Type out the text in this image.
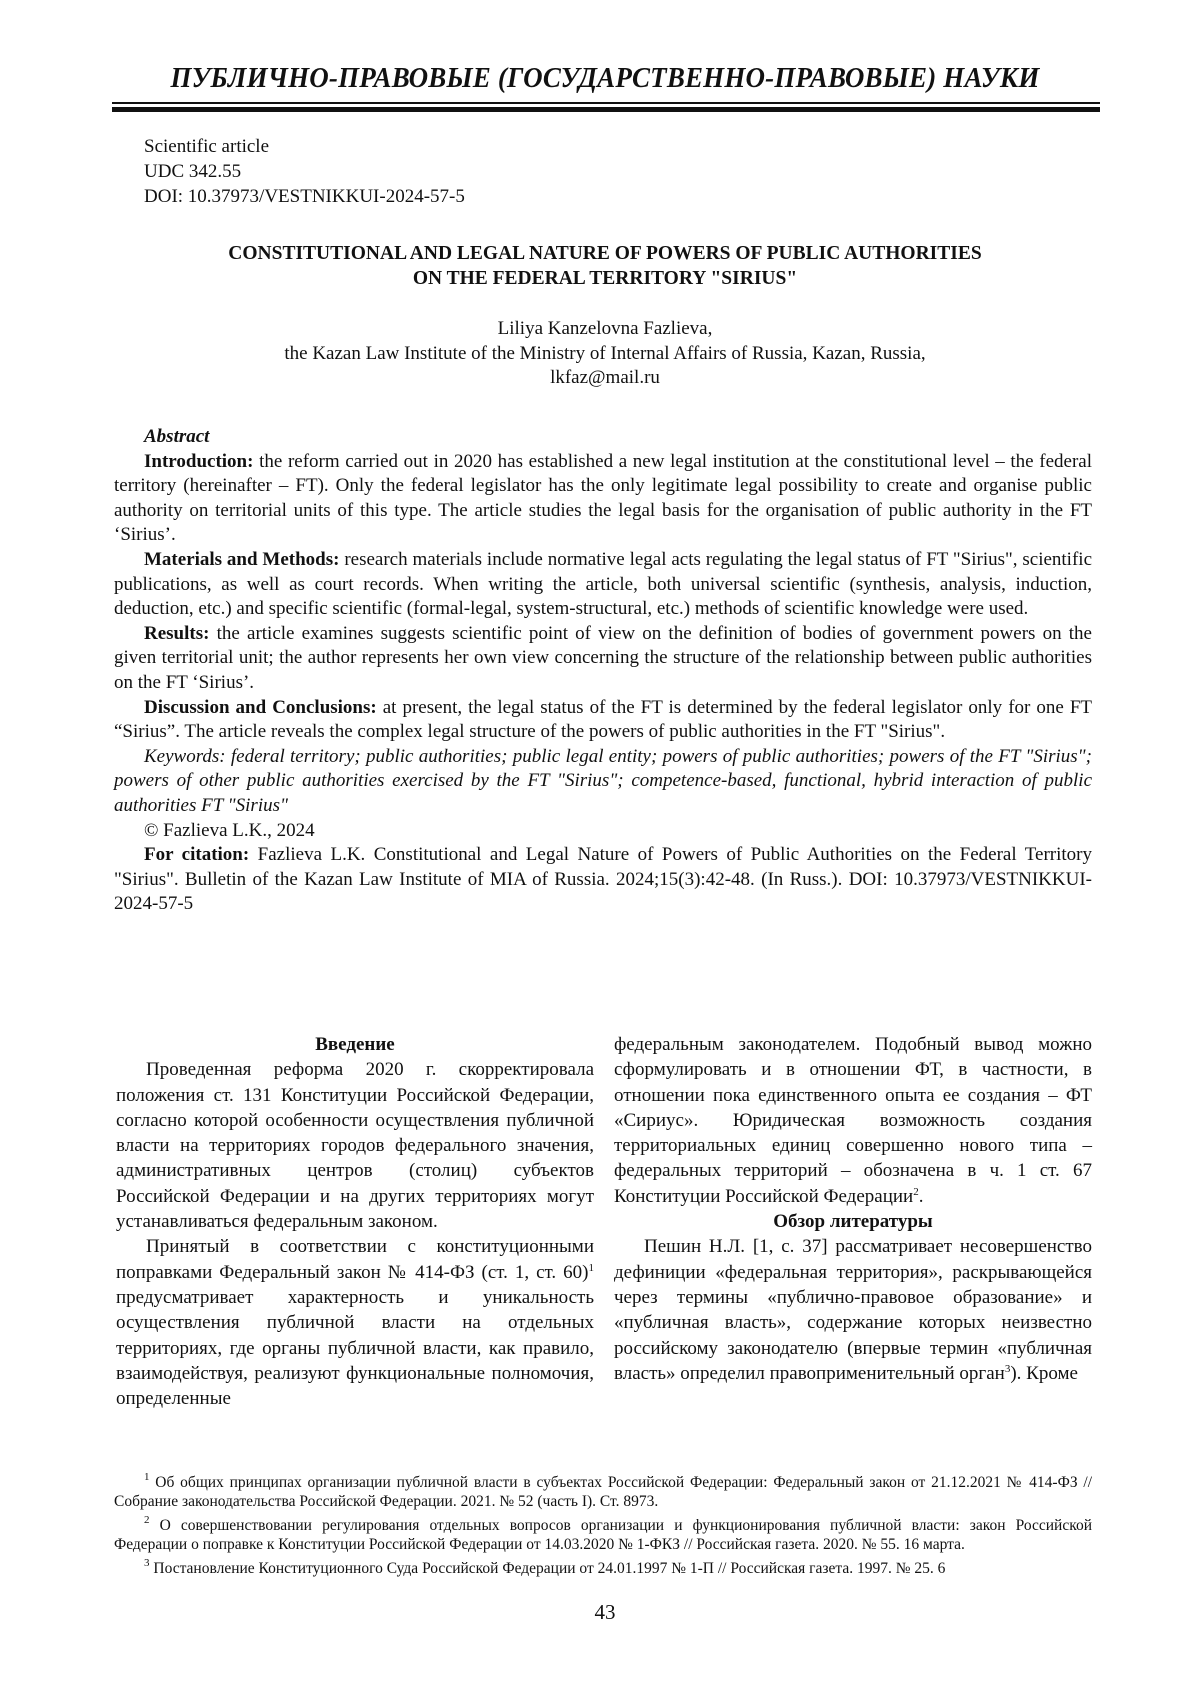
ПУБЛИЧНО-ПРАВОВЫЕ (ГОСУДАРСТВЕННО-ПРАВОВЫЕ) НАУКИ
Scientific article
UDC 342.55
DOI: 10.37973/VESTNIKKUI-2024-57-5
CONSTITUTIONAL AND LEGAL NATURE OF POWERS OF PUBLIC AUTHORITIES
ON THE FEDERAL TERRITORY "SIRIUS"
Liliya Kanzelovna Fazlieva,
the Kazan Law Institute of the Ministry of Internal Affairs of Russia, Kazan, Russia,
lkfaz@mail.ru

Abstract

Introduction: the reform carried out in 2020 has established a new legal institution at the constitutional level – the federal territory (hereinafter – FT). Only the federal legislator has the only legitimate legal possibility to create and organise public authority on territorial units of this type. The article studies the legal basis for the organisation of public authority in the FT ‘Sirius’.

Materials and Methods: research materials include normative legal acts regulating the legal status of FT "Sirius", scientific publications, as well as court records. When writing the article, both universal scientific (synthesis, analysis, induction, deduction, etc.) and specific scientific (formal-legal, system-structural, etc.) methods of scientific knowledge were used.

Results: the article examines suggests scientific point of view on the definition of bodies of government powers on the given territorial unit; the author represents her own view concerning the structure of the relationship between public authorities on the FT ‘Sirius’.

Discussion and Conclusions: at present, the legal status of the FT is determined by the federal legislator only for one FT “Sirius”. The article reveals the complex legal structure of the powers of public authorities in the FT "Sirius".

Keywords: federal territory; public authorities; public legal entity; powers of public authorities; powers of the FT "Sirius"; powers of other public authorities exercised by the FT "Sirius"; competence-based, functional, hybrid interaction of public authorities FT "Sirius"

© Fazlieva L.K., 2024

For citation: Fazlieva L.K. Constitutional and Legal Nature of Powers of Public Authorities on the Federal Territory "Sirius". Bulletin of the Kazan Law Institute of MIA of Russia. 2024;15(3):42-48. (In Russ.). DOI: 10.37973/VESTNIKKUI-2024-57-5

Введение

Проведенная реформа 2020 г. скорректировала положения ст. 131 Конституции Российской Федерации, согласно которой особенности осуществления публичной власти на территориях городов федерального значения, административных центров (столиц) субъектов Российской Федерации и на других территориях могут устанавливаться федеральным законом.

Принятый в соответствии с конституционными поправками Федеральный закон № 414-ФЗ (ст. 1, ст. 60)$^1$ предусматривает характерность и уникальность осуществления публичной власти на отдельных территориях, где органы публичной власти, как правило, взаимодействуя, реализуют функциональные полномочия, определенные

федеральным законодателем. Подобный вывод можно сформулировать и в отношении ФТ, в частности, в отношении пока единственного опыта ее создания – ФТ «Сириус». Юридическая возможность создания территориальных единиц совершенно нового типа – федеральных территорий – обозначена в ч. 1 ст. 67 Конституции Российской Федерации$^2$.

Обзор литературы

Пешин Н.Л. [1, с. 37] рассматривает несовершенство дефиниции «федеральная территория», раскрывающейся через термины «публично-правовое образование» и «публичная власть», содержание которых неизвестно российскому законодателю (впервые термин «публичная власть» определил правоприменительный орган$^3$). Кроме

$^1$ Об общих принципах организации публичной власти в субъектах Российской Федерации: Федеральный закон от 21.12.2021 № 414-ФЗ // Собрание законодательства Российской Федерации. 2021. № 52 (часть I). Ст. 8973.

$^2$ О совершенствовании регулирования отдельных вопросов организации и функционирования публичной власти: закон Российской Федерации о поправке к Конституции Российской Федерации от 14.03.2020 № 1-ФКЗ // Российская газета. 2020. № 55. 16 марта.

$^3$ Постановление Конституционного Суда Российской Федерации от 24.01.1997 № 1-П // Российская газета. 1997. № 25. 6

43
